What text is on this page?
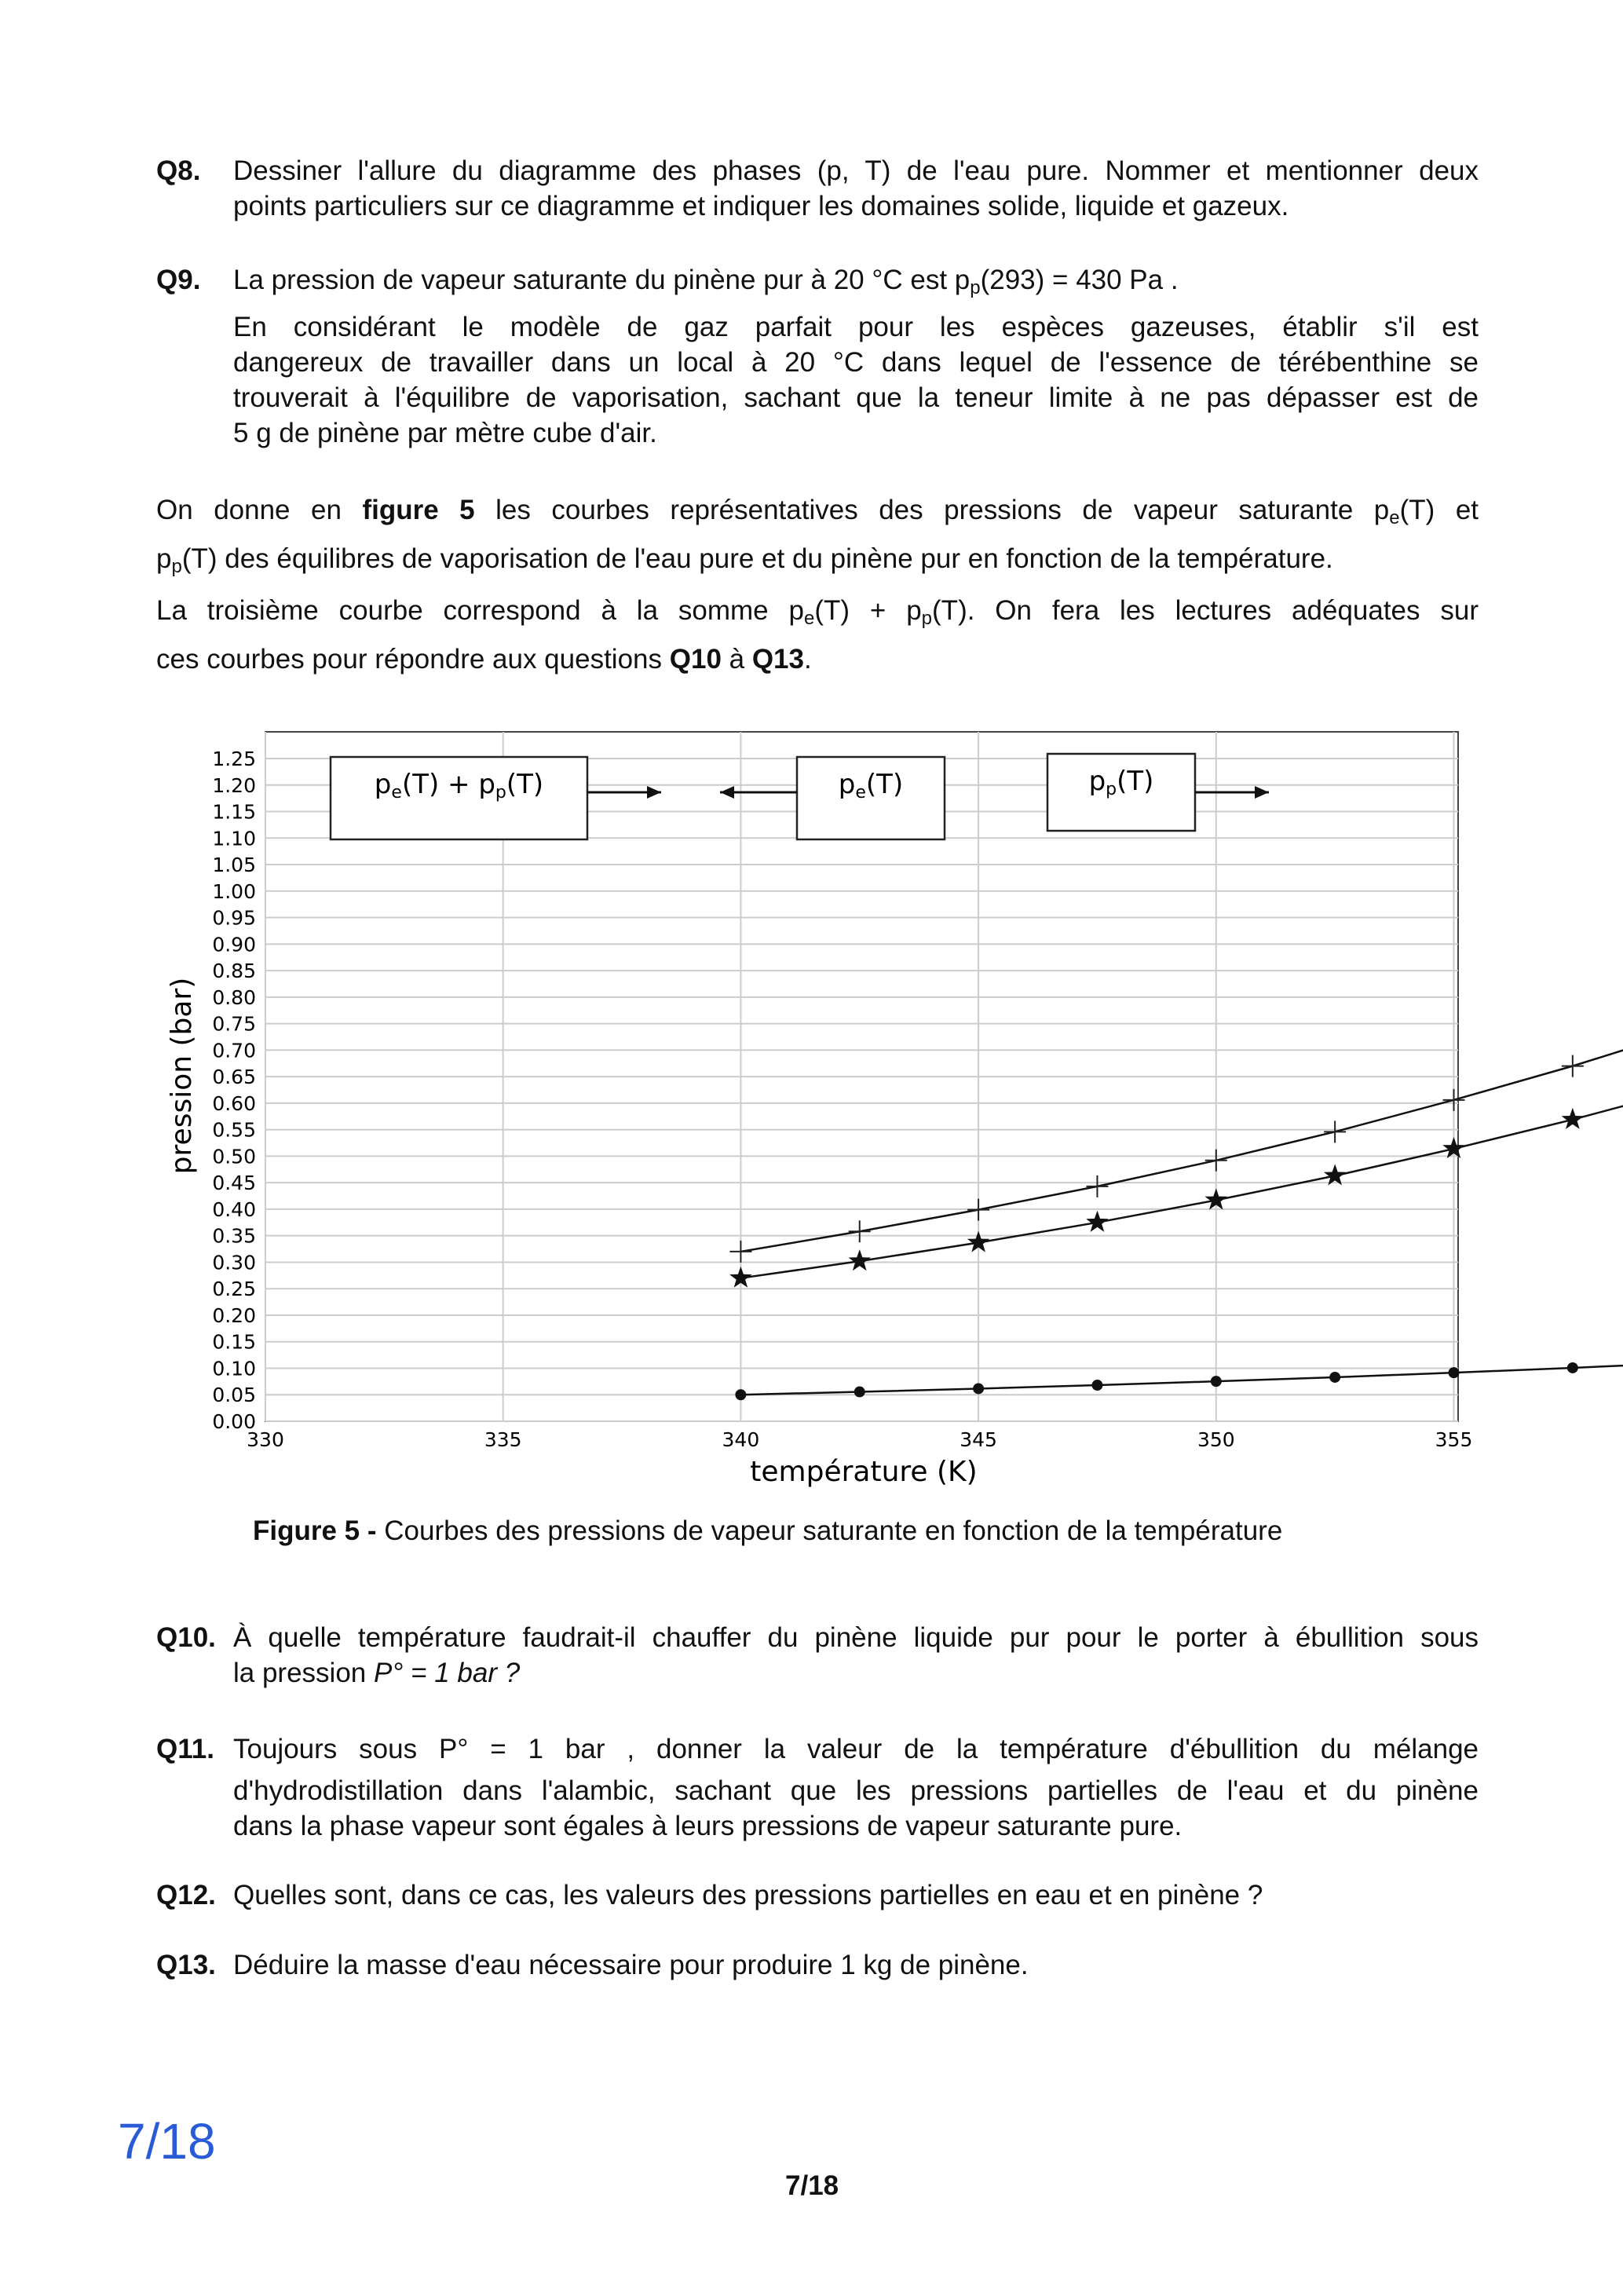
Q8. Dessiner l'allure du diagramme des phases (p, T) de l'eau pure. Nommer et mentionner deux
points particuliers sur ce diagramme et indiquer les domaines solide, liquide et gazeux.
Q9. La pression de vapeur saturante du pinène pur à 20 °C est $p_p(293) = 430$ Pa .
En considérant le modèle de gaz parfait pour les espèces gazeuses, établir s'il est
dangereux de travailler dans un local à 20 °C dans lequel de l'essence de térébenthine se
trouverait à l'équilibre de vaporisation, sachant que la teneur limite à ne pas dépasser est de
5 g de pinène par mètre cube d'air.
On donne en figure 5 les courbes représentatives des pressions de vapeur saturante $p_e(T)$ et
$p_p(T)$ des équilibres de vaporisation de l'eau pure et du pinène pur en fonction de la température.
La troisième courbe correspond à la somme $p_e(T) + p_p(T)$. On fera les lectures adéquates sur
ces courbes pour répondre aux questions Q10 à Q13.
330	335	340	345	350	355
0.00
0.05
0.10
0.15
0.20
0.25
0.30
0.35
0.40
0.45
0.50
0.55
0.60
0.65
0.70
0.75
0.80
0.85
0.90
0.95
1.00
1.05
1.10
1.15
1.20
1.25
pe(T) + pp(T)	pe(T)	pp(T)
température (K)
pression (bar)
Figure 5 - Courbes des pressions de vapeur saturante en fonction de la température
Q10. À quelle température faudrait-il chauffer du pinène liquide pur pour le porter à ébullition sous
la pression P° = 1 bar ?
Q11. Toujours sous P° = 1 bar , donner la valeur de la température d'ébullition du mélange
d'hydrodistillation dans l'alambic, sachant que les pressions partielles de l'eau et du pinène
dans la phase vapeur sont égales à leurs pressions de vapeur saturante pure.
Q12. Quelles sont, dans ce cas, les valeurs des pressions partielles en eau et en pinène ?
Q13. Déduire la masse d'eau nécessaire pour produire 1 kg de pinène.
7/18
7/18
